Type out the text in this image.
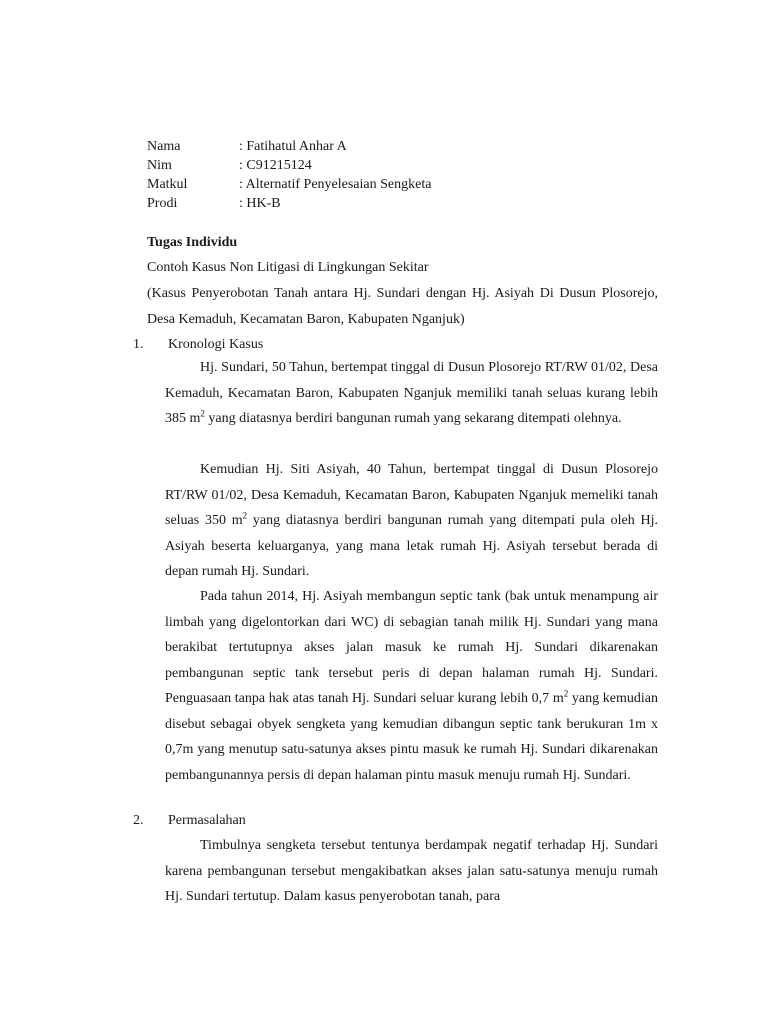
Nama	: Fatihatul Anhar A
Nim	: C91215124
Matkul	: Alternatif Penyelesaian Sengketa
Prodi	: HK-B
Tugas Individu
Contoh Kasus Non Litigasi di Lingkungan Sekitar
(Kasus Penyerobotan Tanah antara Hj. Sundari dengan Hj. Asiyah Di Dusun Plosorejo, Desa Kemaduh, Kecamatan Baron, Kabupaten Nganjuk)
1. Kronologi Kasus
Hj. Sundari, 50 Tahun, bertempat tinggal di Dusun Plosorejo RT/RW 01/02, Desa Kemaduh, Kecamatan Baron, Kabupaten Nganjuk memiliki tanah seluas kurang lebih 385 $m^2$ yang diatasnya berdiri bangunan rumah yang sekarang ditempati olehnya.
Kemudian Hj. Siti Asiyah, 40 Tahun, bertempat tinggal di Dusun Plosorejo RT/RW 01/02, Desa Kemaduh, Kecamatan Baron, Kabupaten Nganjuk memeliki tanah seluas 350 $m^2$ yang diatasnya berdiri bangunan rumah yang ditempati pula oleh Hj. Asiyah beserta keluarganya, yang mana letak rumah Hj. Asiyah tersebut berada di depan rumah Hj. Sundari.
Pada tahun 2014, Hj. Asiyah membangun septic tank (bak untuk menampung air limbah yang digelontorkan dari WC) di sebagian tanah milik Hj. Sundari yang mana berakibat tertutupnya akses jalan masuk ke rumah Hj. Sundari dikarenakan pembangunan septic tank tersebut peris di depan halaman rumah Hj. Sundari. Penguasaan tanpa hak atas tanah Hj. Sundari seluar kurang lebih 0,7 $m^2$ yang kemudian disebut sebagai obyek sengketa yang kemudian dibangun septic tank berukuran 1m x 0,7m yang menutup satu-satunya akses pintu masuk ke rumah Hj. Sundari dikarenakan pembangunannya persis di depan halaman pintu masuk menuju rumah Hj. Sundari.
2. Permasalahan
Timbulnya sengketa tersebut tentunya berdampak negatif terhadap Hj. Sundari karena pembangunan tersebut mengakibatkan akses jalan satu-satunya menuju rumah Hj. Sundari tertutup. Dalam kasus penyerobotan tanah, para
